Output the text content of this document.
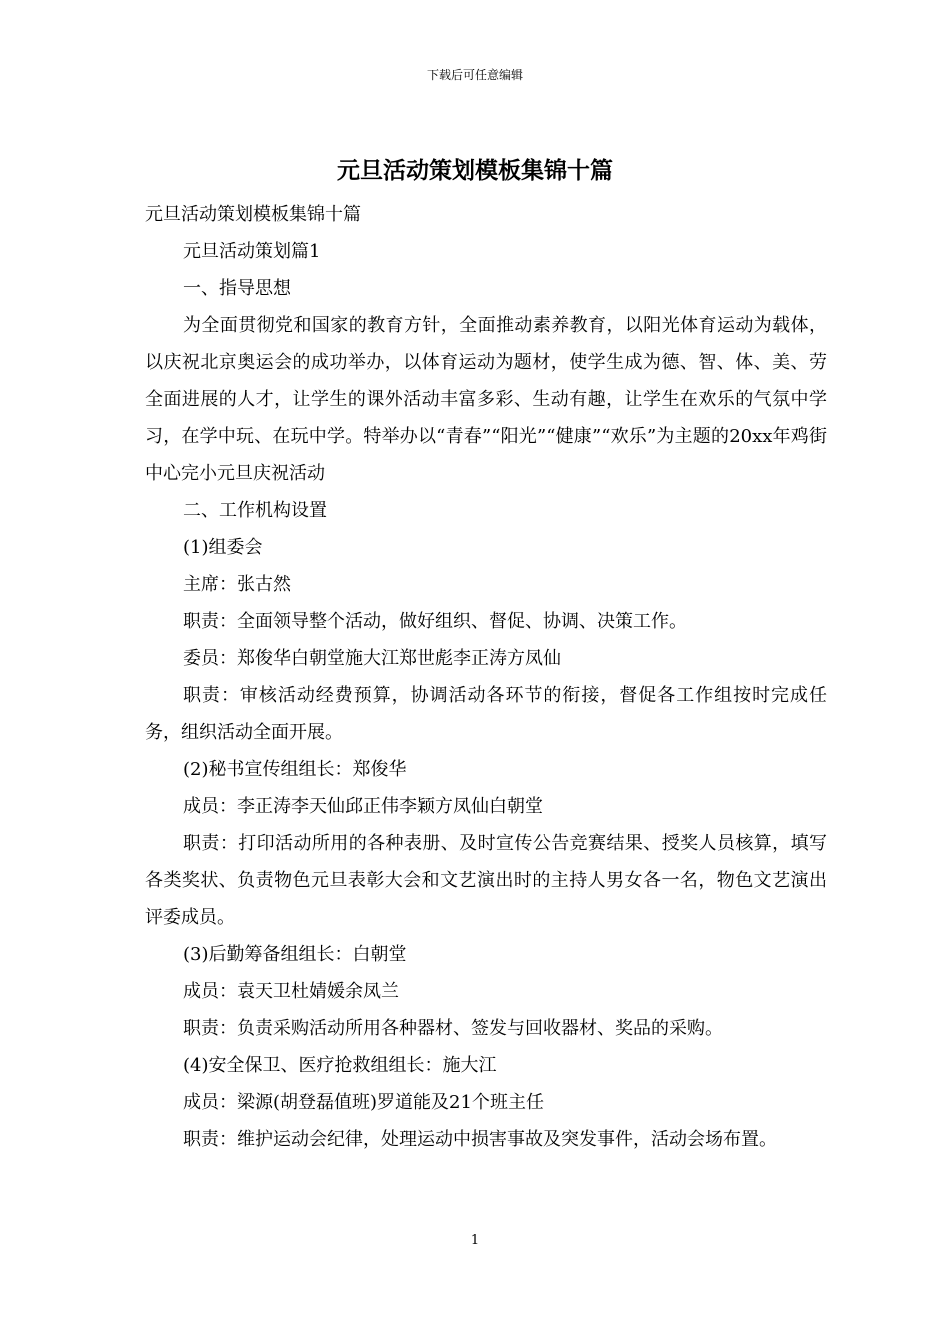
下载后可任意编辑
元旦活动策划模板集锦十篇

元旦活动策划模板集锦十篇

元旦活动策划篇1

一、指导思想

为全面贯彻党和国家的教育方针，全面推动素养教育，以阳光体育运动为载体，以庆祝北京奥运会的成功举办，以体育运动为题材，使学生成为德、智、体、美、劳全面进展的人才，让学生的课外活动丰富多彩、生动有趣，让学生在欢乐的气氛中学习，在学中玩、在玩中学。特举办以“青春”“阳光”“健康”“欢乐”为主题的20xx年鸡街中心完小元旦庆祝活动

二、工作机构设置

(1)组委会

主席：张古然

职责：全面领导整个活动，做好组织、督促、协调、决策工作。

委员：郑俊华白朝堂施大江郑世彪李正涛方凤仙

职责：审核活动经费预算，协调活动各环节的衔接，督促各工作组按时完成任务，组织活动全面开展。

(2)秘书宣传组组长：郑俊华

成员：李正涛李天仙邱正伟李颖方凤仙白朝堂

职责：打印活动所用的各种表册、及时宣传公告竞赛结果、授奖人员核算，填写各类奖状、负责物色元旦表彰大会和文艺演出时的主持人男女各一名，物色文艺演出评委成员。

(3)后勤筹备组组长：白朝堂

成员：袁天卫杜婧媛余凤兰

职责：负责采购活动所用各种器材、签发与回收器材、奖品的采购。

(4)安全保卫、医疗抢救组组长：施大江

成员：梁源(胡登磊值班)罗道能及21个班主任

职责：维护运动会纪律，处理运动中损害事故及突发事件，活动会场布置。

1
